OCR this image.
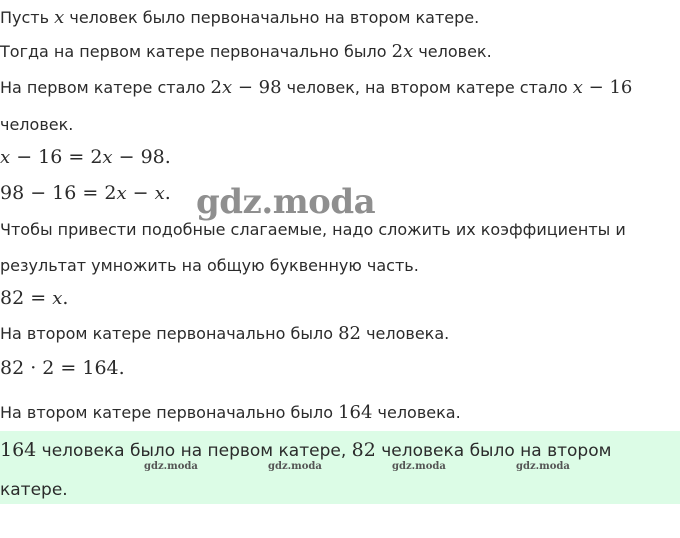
Пусть x человек было первоначально на втором катере.
Тогда на первом катере первоначально было 2x человек.
На первом катере стало 2x − 98 человек, на втором катере стало x − 16
человек.
x − 16 = 2x − 98.
98 − 16 = 2x − x.
Чтобы привести подобные слагаемые, надо сложить их коэффициенты и
результат умножить на общую буквенную часть.
82 = x.
На втором катере первоначально было 82 человека.
82 · 2 = 164.
На втором катере первоначально было 164 человека.
164 человека было на первом катере, 82 человека было на втором
катере.
gdz.moda
gdz.moda	gdz.moda	gdz.moda	gdz.moda
